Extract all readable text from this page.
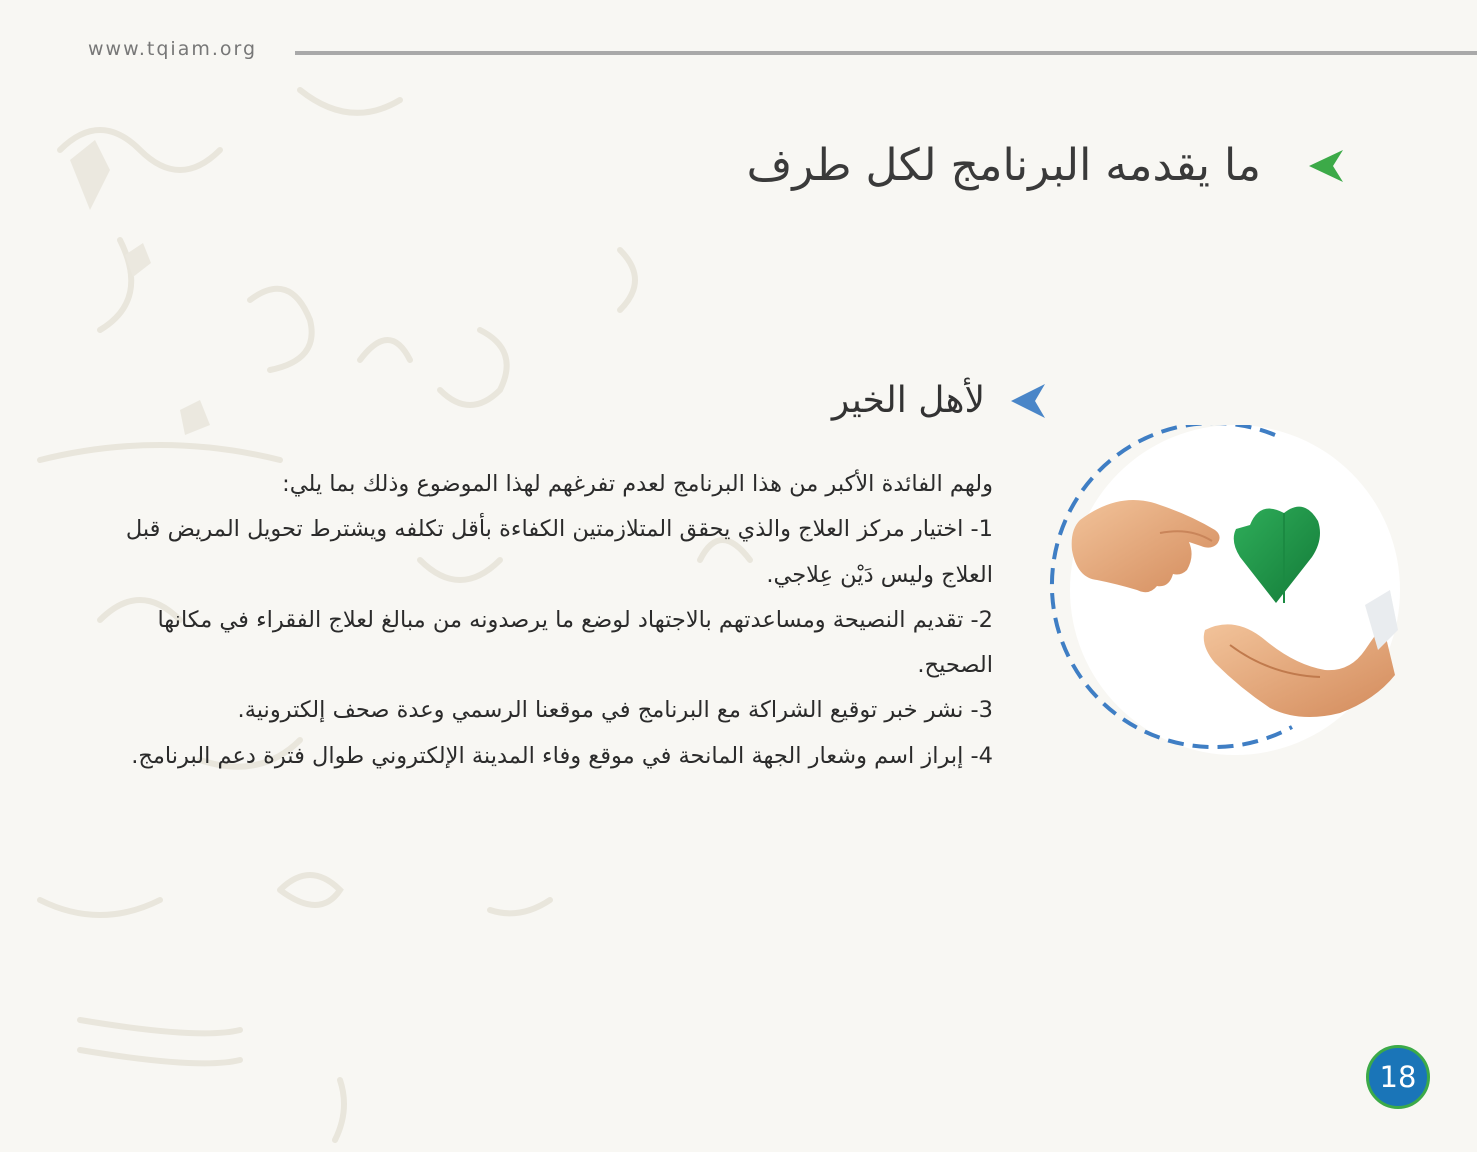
www.tqiam.org
ما يقدمه البرنامج لكل طرف
لأهل الخير

ولهم الفائدة الأكبر من هذا البرنامج لعدم تفرغهم لهذا الموضوع وذلك بما يلي:

1- اختيار مركز العلاج والذي يحقق المتلازمتين الكفاءة بأقل تكلفه ويشترط تحويل المريض قبل العلاج وليس دَيْن عِلاجي.

2- تقديم النصيحة ومساعدتهم بالاجتهاد لوضع ما يرصدونه من مبالغ لعلاج الفقراء في مكانها الصحيح.

3- نشر خبر توقيع الشراكة مع البرنامج في موقعنا الرسمي وعدة صحف إلكترونية.

4- إبراز اسم وشعار الجهة المانحة في موقع وفاء المدينة الإلكتروني طوال فترة دعم البرنامج.

18
